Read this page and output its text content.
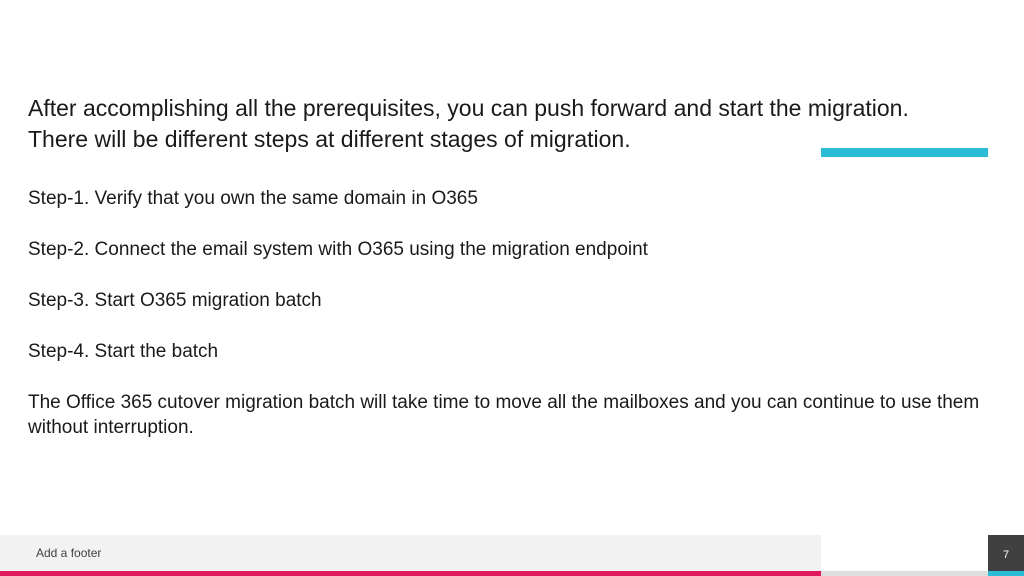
After accomplishing all the prerequisites, you can push forward and start the migration.
There will be different steps at different stages of migration.

Step-1. Verify that you own the same domain in O365

Step-2. Connect the email system with O365 using the migration endpoint

Step-3. Start O365 migration batch

Step-4. Start the batch

The Office 365 cutover migration batch will take time to move all the mailboxes and you can continue to use them without interruption.

Add a footer	7
